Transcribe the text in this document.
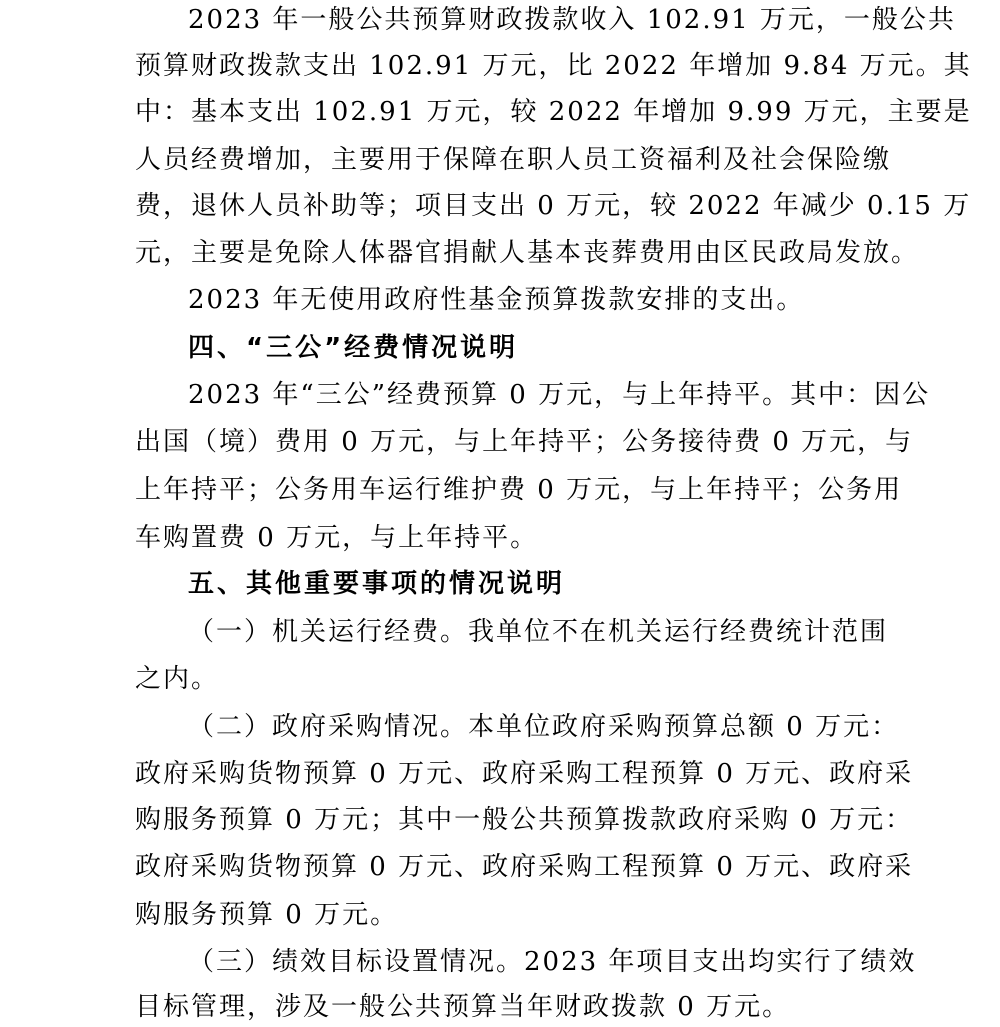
2023 年一般公共预算财政拨款收入 102.91 万元，一般公共
预算财政拨款支出 102.91 万元，比 2022 年增加 9.84 万元。其
中：基本支出 102.91 万元，较 2022 年增加 9.99 万元，主要是
人员经费增加，主要用于保障在职人员工资福利及社会保险缴
费，退休人员补助等；项目支出 0 万元，较 2022 年减少 0.15 万
元，主要是免除人体器官捐献人基本丧葬费用由区民政局发放。
2023 年无使用政府性基金预算拨款安排的支出。
四、“三公”经费情况说明
2023 年“三公”经费预算 0 万元，与上年持平。其中：因公
出国（境）费用 0 万元，与上年持平；公务接待费 0 万元，与
上年持平；公务用车运行维护费 0 万元，与上年持平；公务用
车购置费 0 万元，与上年持平。
五、其他重要事项的情况说明
（一）机关运行经费。我单位不在机关运行经费统计范围
之内。
（二）政府采购情况。本单位政府采购预算总额 0 万元：
政府采购货物预算 0 万元、政府采购工程预算 0 万元、政府采
购服务预算 0 万元；其中一般公共预算拨款政府采购 0 万元：
政府采购货物预算 0 万元、政府采购工程预算 0 万元、政府采
购服务预算 0 万元。
（三）绩效目标设置情况。2023 年项目支出均实行了绩效
目标管理，涉及一般公共预算当年财政拨款 0 万元。
